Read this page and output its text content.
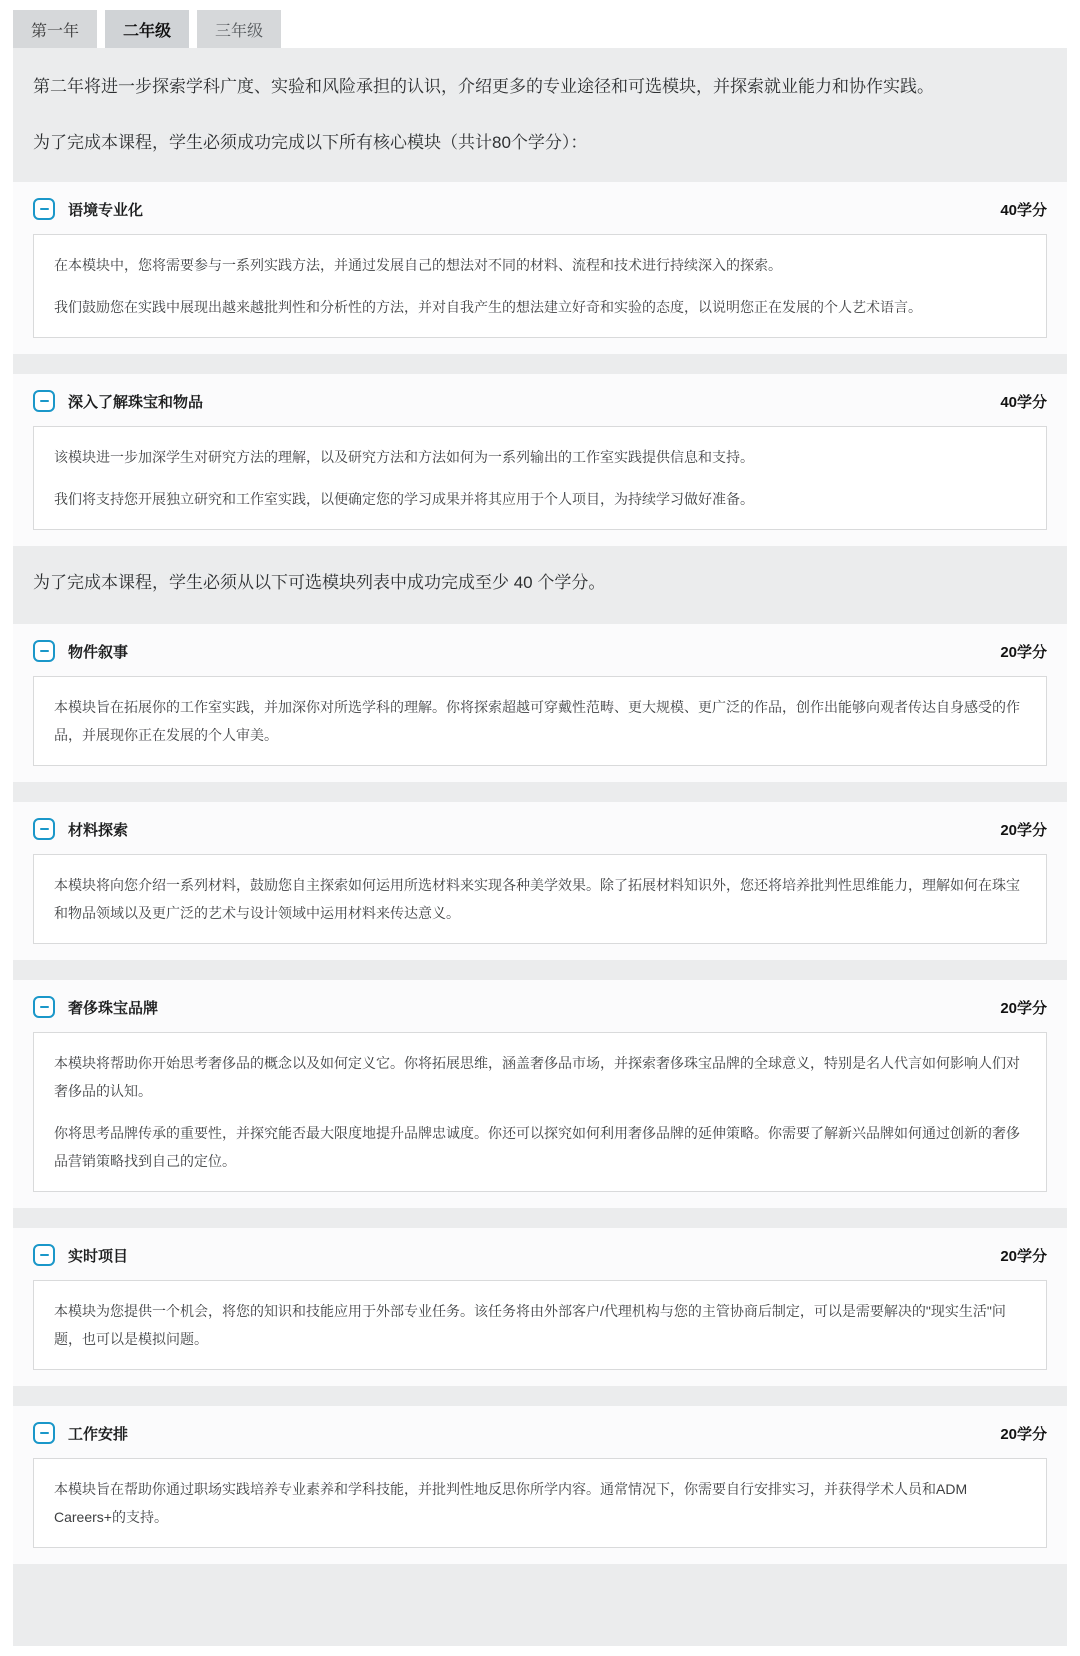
第一年	二年级	三年级

第二年将进一步探索学科广度、实验和风险承担的认识，介绍更多的专业途径和可选模块，并探索就业能力和协作实践。

为了完成本课程，学生必须成功完成以下所有核心模块（共计80个学分）：

语境专业化	40学分

在本模块中，您将需要参与一系列实践方法，并通过发展自己的想法对不同的材料、流程和技术进行持续深入的探索。

我们鼓励您在实践中展现出越来越批判性和分析性的方法，并对自我产生的想法建立好奇和实验的态度，以说明您正在发展的个人艺术语言。

深入了解珠宝和物品	40学分

该模块进一步加深学生对研究方法的理解，以及研究方法和方法如何为一系列输出的工作室实践提供信息和支持。

我们将支持您开展独立研究和工作室实践，以便确定您的学习成果并将其应用于个人项目，为持续学习做好准备。

为了完成本课程，学生必须从以下可选模块列表中成功完成至少 40 个学分。
物件叙事	20学分

本模块旨在拓展你的工作室实践，并加深你对所选学科的理解。你将探索超越可穿戴性范畴、更大规模、更广泛的作品，创作出能够向观者传达自身感受的作品，并展现你正在发展的个人审美。

材料探索	20学分

本模块将向您介绍一系列材料，鼓励您自主探索如何运用所选材料来实现各种美学效果。除了拓展材料知识外，您还将培养批判性思维能力，理解如何在珠宝和物品领域以及更广泛的艺术与设计领域中运用材料来传达意义。

奢侈珠宝品牌	20学分

本模块将帮助你开始思考奢侈品的概念以及如何定义它。你将拓展思维，涵盖奢侈品市场，并探索奢侈珠宝品牌的全球意义，特别是名人代言如何影响人们对奢侈品的认知。

你将思考品牌传承的重要性，并探究能否最大限度地提升品牌忠诚度。你还可以探究如何利用奢侈品牌的延伸策略。你需要了解新兴品牌如何通过创新的奢侈品营销策略找到自己的定位。

实时项目	20学分

本模块为您提供一个机会，将您的知识和技能应用于外部专业任务。该任务将由外部客户/代理机构与您的主管协商后制定，可以是需要解决的"现实生活"问题，也可以是模拟问题。

工作安排	20学分

本模块旨在帮助你通过职场实践培养专业素养和学科技能，并批判性地反思你所学内容。通常情况下，你需要自行安排实习，并获得学术人员和ADM Careers+的支持。
